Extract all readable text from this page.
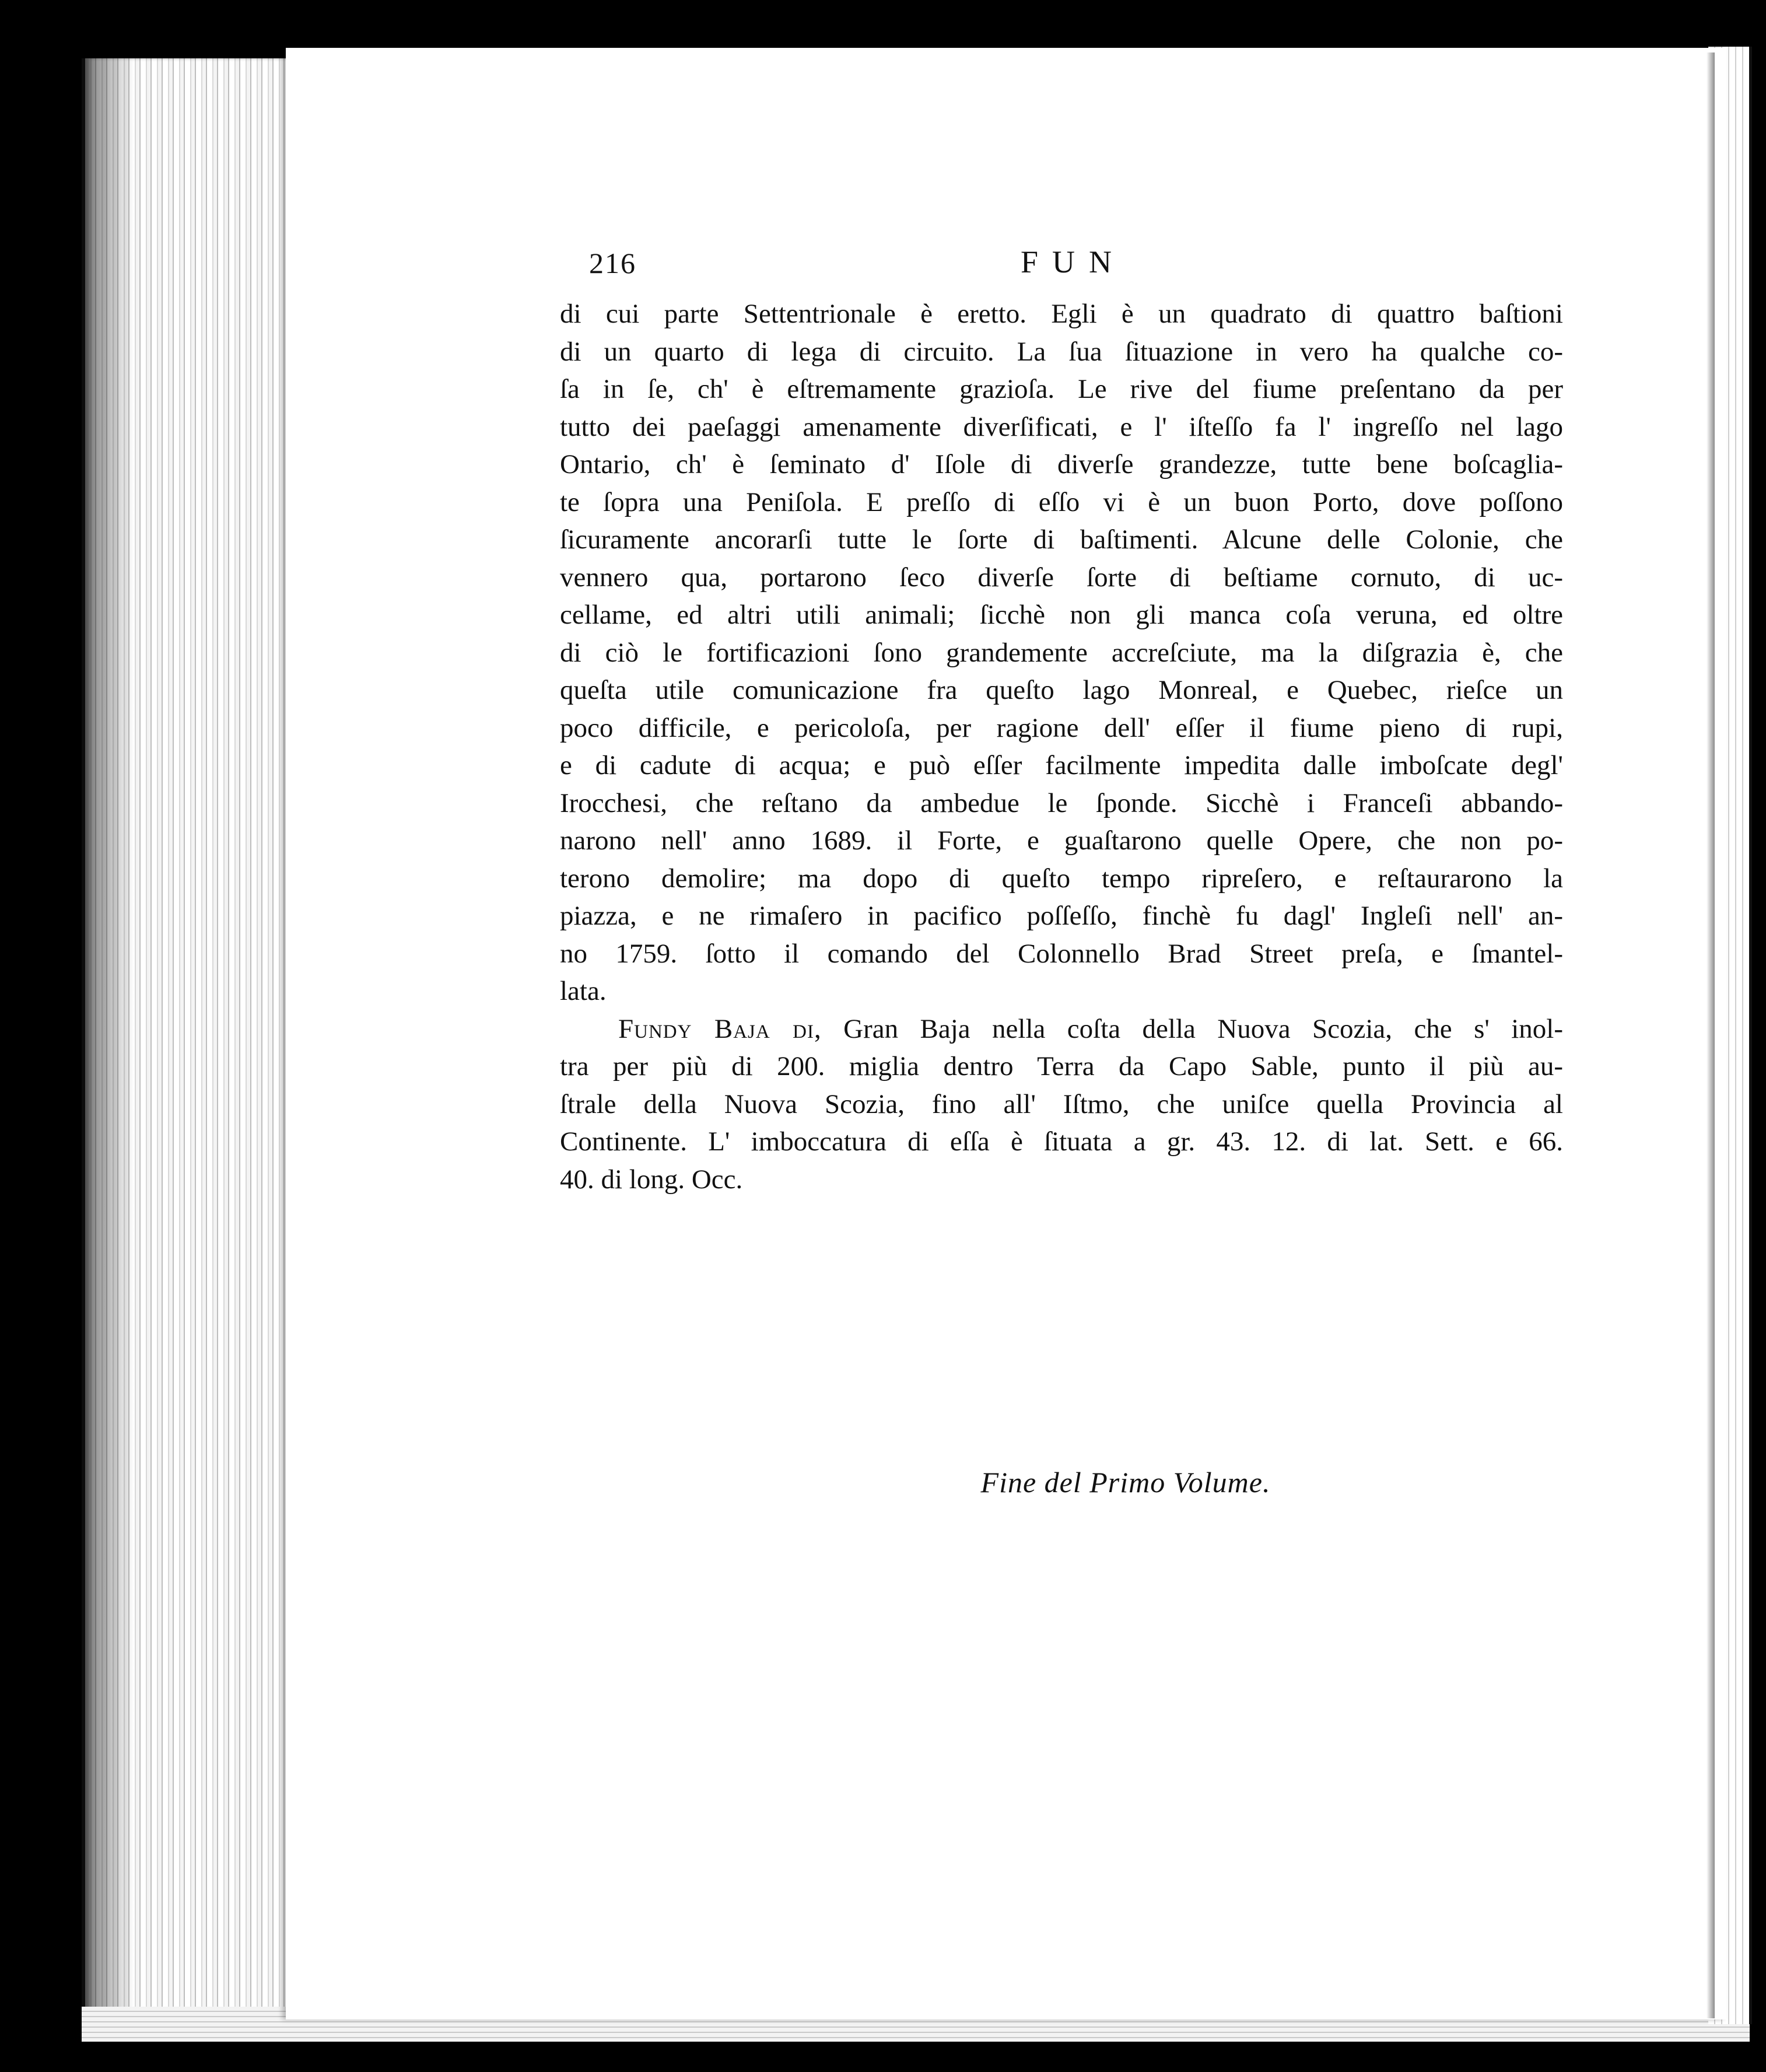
216	FUN
di cui parte Settentrionale è eretto. Egli è un quadrato di quattro baſtioni
di un quarto di lega di circuito. La ſua ſituazione in vero ha qualche co-
ſa in ſe, ch' è eſtremamente grazioſa. Le rive del fiume preſentano da per
tutto dei paeſaggi amenamente diverſificati, e l' iſteſſo fa l' ingreſſo nel lago
Ontario, ch' è ſeminato d' Iſole di diverſe grandezze, tutte bene boſcaglia-
te ſopra una Peniſola. E preſſo di eſſo vi è un buon Porto, dove poſſono
ſicuramente ancorarſi tutte le ſorte di baſtimenti. Alcune delle Colonie, che
vennero qua, portarono ſeco diverſe ſorte di beſtiame cornuto, di uc-
cellame, ed altri utili animali; ſicchè non gli manca coſa veruna, ed oltre
di ciò le fortificazioni ſono grandemente accreſciute, ma la diſgrazia è, che
queſta utile comunicazione fra queſto lago Monreal, e Quebec, rieſce un
poco difficile, e pericoloſa, per ragione dell' eſſer il fiume pieno di rupi,
e di cadute di acqua; e può eſſer facilmente impedita dalle imboſcate degl'
Irocchesi, che reſtano da ambedue le ſponde. Sicchè i Franceſi abbando-
narono nell' anno 1689. il Forte, e guaſtarono quelle Opere, che non po-
terono demolire; ma dopo di queſto tempo ripreſero, e reſtaurarono la
piazza, e ne rimaſero in pacifico poſſeſſo, finchè fu dagl' Ingleſi nell' an-
no 1759. ſotto il comando del Colonnello Brad Street preſa, e ſmantel-
lata.
Fundy Baja di, Gran Baja nella coſta della Nuova Scozia, che s' inol-
tra per più di 200. miglia dentro Terra da Capo Sable, punto il più au-
ſtrale della Nuova Scozia, fino all' Iſtmo, che uniſce quella Provincia al
Continente. L' imboccatura di eſſa è ſituata a gr. 43. 12. di lat. Sett. e 66.
40. di long. Occ.
Fine del Primo Volume.
